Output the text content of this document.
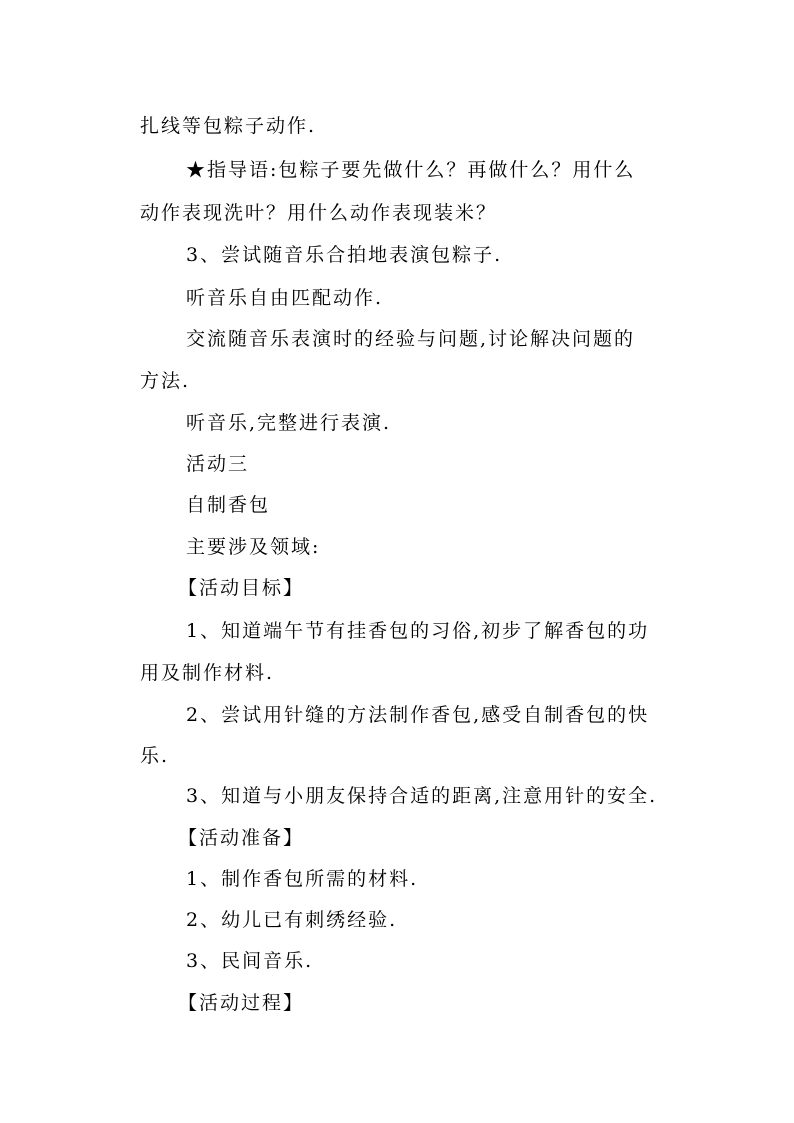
扎线等包粽子动作.
★指导语:包粽子要先做什么？再做什么？用什么
动作表现洗叶？用什么动作表现装米？
3、尝试随音乐合拍地表演包粽子.
听音乐自由匹配动作.
交流随音乐表演时的经验与问题,讨论解决问题的
方法.
听音乐,完整进行表演.
活动三
自制香包
主要涉及领域:
【活动目标】
1、知道端午节有挂香包的习俗,初步了解香包的功
用及制作材料.
2、尝试用针缝的方法制作香包,感受自制香包的快
乐.
3、知道与小朋友保持合适的距离,注意用针的安全.
【活动准备】
1、制作香包所需的材料.
2、幼儿已有刺绣经验.
3、民间音乐.
【活动过程】
